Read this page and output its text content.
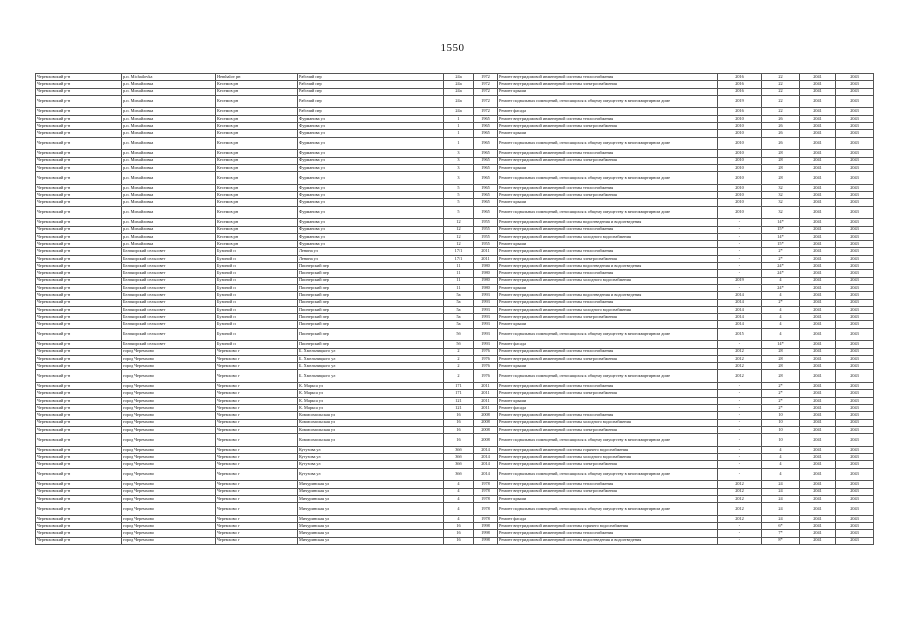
1550
Черемховский р-н	р.п. Michailovka	Hemhalov рн	Рабочий пер	24а	1972	Ремонт внутридомовой инженерной системы теплоснабжения	2016	22	2041	2043
Черемховский р-н	р.п. Михайловка	Кесемов рн	Рабочий пер	24а	1972	Ремонт внутридомовой инженерной системы электроснабжения	2016	22	2041	2043
Черемховский р-н	р.п. Михайловка	Кесемов рн	Рабочий пер	24а	1972	Ремонт крыши	2016	22	2041	2043
Черемховский р-н	р.п. Михайловка	Кесемов рн	Рабочий пер	24а	1972	Ремонт подвальных помещений, относящихся к общему имуществу в многоквартирном доме	2019	22	2041	2043
Черемховский р-н	р.п. Михайловка	Кесемов рн	Рабочий пер	24а	1972	Ремонт фасада	2016	22	2041	2043
Черемховский р-н	р.п. Михайловка	Кесемов рн	Фурманова ул	1	1965	Ремонт внутридомовой инженерной системы теплоснабжения	2010	26	2041	2043
Черемховский р-н	р.п. Михайловка	Кесемов рн	Фурманова ул	1	1965	Ремонт внутридомовой инженерной системы электроснабжения	2010	26	2041	2043
Черемховский р-н	р.п. Михайловка	Кесемов рн	Фурманова ул	1	1965	Ремонт крыши	2010	26	2041	2043
Черемховский р-н	р.п. Михайловка	Кесемов рн	Фурманова ул	1	1965	Ремонт подвальных помещений, относящихся к общему имуществу в многоквартирном доме	2010	26	2041	2043
Черемховский р-н	р.п. Михайловка	Кесемов рн	Фурманова ул	3	1965	Ремонт внутридомовой инженерной системы теплоснабжения	2010	28	2041	2043
Черемховский р-н	р.п. Михайловка	Кесемов рн	Фурманова ул	3	1965	Ремонт внутридомовой инженерной системы электроснабжения	2010	28	2041	2043
Черемховский р-н	р.п. Михайловка	Кесемов рн	Фурманова ул	3	1965	Ремонт крыши	2010	28	2041	2043
Черемховский р-н	р.п. Михайловка	Кесемов рн	Фурманова ул	3	1965	Ремонт подвальных помещений, относящихся к общему имуществу в многоквартирном доме	2010	28	2041	2043
Черемховский р-н	р.п. Михайловка	Кесемов рн	Фурманова ул	5	1965	Ремонт внутридомовой инженерной системы теплоснабжения	2010	32	2041	2043
Черемховский р-н	р.п. Михайловка	Кесемов рн	Фурманова ул	5	1965	Ремонт внутридомовой инженерной системы электроснабжения	2010	32	2041	2043
Черемховский р-н	р.п. Михайловка	Кесемов рн	Фурманова ул	5	1965	Ремонт крыши	2010	32	2041	2043
Черемховский р-н	р.п. Михайловка	Кесемов рн	Фурманова ул	5	1965	Ремонт подвальных помещений, относящихся к общему имуществу в многоквартирном доме	2010	32	2041	2043
Черемховский р-н	р.п. Михайловка	Кесемов рн	Фурманова ул	12	1955	Ремонт внутридомовой инженерной системы водоотведения и водоотведения	-	14*	2041	2043
Черемховский р-н	р.п. Михайловка	Кесемов рн	Фурманова ул	12	1955	Ремонт внутридомовой инженерной системы теплоснабжения	-	15*	2041	2043
Черемховский р-н	р.п. Михайловка	Кесемов рн	Фурманова ул	12	1955	Ремонт внутридомовой инженерной системы холодного водоснабжения	-	14*	2041	2043
Черемховский р-н	р.п. Михайловка	Кесемов рн	Фурманова ул	12	1955	Ремонт крыши	-	15*	2041	2043
Черемховский р-н	Бельчирский сельсовет	Бузиной п	Ленина ул	17/1	2011	Ремонт внутридомовой инженерной системы теплоснабжения	-	2*	2041	2043
Черемховский р-н	Бельчирский сельсовет	Бузиной п	Ленина ул	17/1	2011	Ремонт внутридомовой инженерной системы электроснабжения	-	2*	2041	2043
Черемховский р-н	Бельчирский сельсовет	Бузиной п	Пионерский пер	11	1980	Ремонт внутридомовой инженерной системы водоотведения и водоотведения	-	24*	2041	2043
Черемховский р-н	Бельчирский сельсовет	Бузиной п	Пионерский пер	11	1980	Ремонт внутридомовой инженерной системы теплоснабжения	-	24*	2041	2043
Черемховский р-н	Бельчирский сельсовет	Бузиной п	Пионерский пер	11	1980	Ремонт внутридомовой инженерной системы холодного водоснабжения	2019	4	2041	2043
Черемховский р-н	Бельчирский сельсовет	Бузиной п	Пионерский пер	11	1980	Ремонт крыши	-	24*	2041	2043
Черемховский р-н	Бельчирский сельсовет	Бузиной п	Пионерский пер	5а	1993	Ремонт внутридомовой инженерной системы водоотведения и водоотведения	2014	4	2041	2043
Черемховский р-н	Бельчирский сельсовет	Бузиной п	Пионерский пер	5а	1993	Ремонт внутридомовой инженерной системы теплоснабжения	2014	2*	2041	2043
Черемховский р-н	Бельчирский сельсовет	Бузиной п	Пионерский пер	5а	1993	Ремонт внутридомовой инженерной системы холодного водоснабжения	2014	4	2041	2043
Черемховский р-н	Бельчирский сельсовет	Бузиной п	Пионерский пер	5а	1993	Ремонт внутридомовой инженерной системы электроснабжения	2014	4	2041	2043
Черемховский р-н	Бельчирский сельсовет	Бузиной п	Пионерский пер	5а	1993	Ремонт крыши	2014	4	2041	2043
Черемховский р-н	Бельчирский сельсовет	Бузиной п	Пионерский пер	5б	1993	Ремонт подвальных помещений, относящихся к общему имуществу в многоквартирном доме	2015	4	2041	2043
Черемховский р-н	Бельчирский сельсовет	Бузиной п	Пионерский пер	5б	1993	Ремонт фасада	-	14*	2041	2043
Черемховский р-н	город Черемхово	Черемхово г	Б. Хмельницкого ул	2	1976	Ремонт внутридомовой инженерной системы теплоснабжения	2012	28	2041	2043
Черемховский р-н	город Черемхово	Черемхово г	Б. Хмельницкого ул	2	1976	Ремонт внутридомовой инженерной системы электроснабжения	2012	28	2041	2043
Черемховский р-н	город Черемхово	Черемхово г	Б. Хмельницкого ул	2	1976	Ремонт крыши	2012	28	2041	2043
Черемховский р-н	город Черемхово	Черемхово г	Б. Хмельницкого ул	2	1976	Ремонт подвальных помещений, относящихся к общему имуществу в многоквартирном доме	2012	28	2041	2043
Черемховский р-н	город Черемхово	Черемхово г	К. Маркса ул	171	2011	Ремонт внутридомовой инженерной системы теплоснабжения	-	2*	2041	2043
Черемховский р-н	город Черемхово	Черемхово г	К. Маркса ул	171	2011	Ремонт внутридомовой инженерной системы электроснабжения	-	2*	2041	2043
Черемховский р-н	город Черемхово	Черемхово г	К. Маркса ул	121	2011	Ремонт крыши	-	2*	2041	2043
Черемховский р-н	город Черемхово	Черемхово г	К. Маркса ул	121	2011	Ремонт фасада	-	2*	2041	2043
Черемховский р-н	город Черемхово	Черемхово г	Коммсомольская ул	16	2008	Ремонт внутридомовой инженерной системы теплоснабжения	-	10	2041	2043
Черемховский р-н	город Черемхово	Черемхово г	Коммсомольская ул	16	2008	Ремонт внутридомовой инженерной системы холодного водоснабжения	-	10	2041	2043
Черемховский р-н	город Черемхово	Черемхово г	Коммсомольская ул	16	2008	Ремонт внутридомовой инженерной системы электроснабжения	-	10	2041	2043
Черемховский р-н	город Черемхово	Черемхово г	Коммсомольская ул	16	2008	Ремонт подвальных помещений, относящихся к общему имуществу в многоквартирном доме	-	10	2041	2043
Черемховский р-н	город Черемхово	Черемхово г	Кутузова ул	36б	2014	Ремонт внутридомовой инженерной системы горячего водоснабжения	-	4	2041	2043
Черемховский р-н	город Черемхово	Черемхово г	Кутузова ул	36б	2014	Ремонт внутридомовой инженерной системы холодного водоснабжения	-	4	2041	2043
Черемховский р-н	город Черемхово	Черемхово г	Кутузова ул	36б	2014	Ремонт внутридомовой инженерной системы электроснабжения	-	4	2041	2043
Черемховский р-н	город Черемхово	Черемхово г	Кутузова ул	36б	2014	Ремонт подвальных помещений, относящихся к общему имуществу в многоквартирном доме	-	4	2041	2043
Черемховский р-н	город Черемхово	Черемхово г	Мичуринская ул	4	1978	Ремонт внутридомовой инженерной системы теплоснабжения	2012	24	2041	2043
Черемховский р-н	город Черемхово	Черемхово г	Мичуринская ул	4	1978	Ремонт внутридомовой инженерной системы электроснабжения	2012	24	2041	2043
Черемховский р-н	город Черемхово	Черемхово г	Мичуринская ул	4	1978	Ремонт крыши	2012	24	2041	2043
Черемховский р-н	город Черемхово	Черемхово г	Мичуринская ул	4	1978	Ремонт подвальных помещений, относящихся к общему имуществу в многоквартирном доме	2012	24	2041	2043
Черемховский р-н	город Черемхово	Черемхово г	Мичуринская ул	4	1978	Ремонт фасада	2012	24	2041	2043
Черемховский р-н	город Черемхово	Черемхово г	Мичуринская ул	16	1998	Ремонт внутридомовой инженерной системы горячего водоснабжения	-	6*	2041	2043
Черемховский р-н	город Черемхово	Черемхово г	Мичуринская ул	16	1998	Ремонт внутридомовой инженерной системы теплоснабжения	-	7*	2041	2043
Черемховский р-н	город Черемхово	Черемхово г	Мичуринская ул	16	1998	Ремонт внутридомовой инженерной системы водоотведения и водоотведения	-	8*	2041	2043
